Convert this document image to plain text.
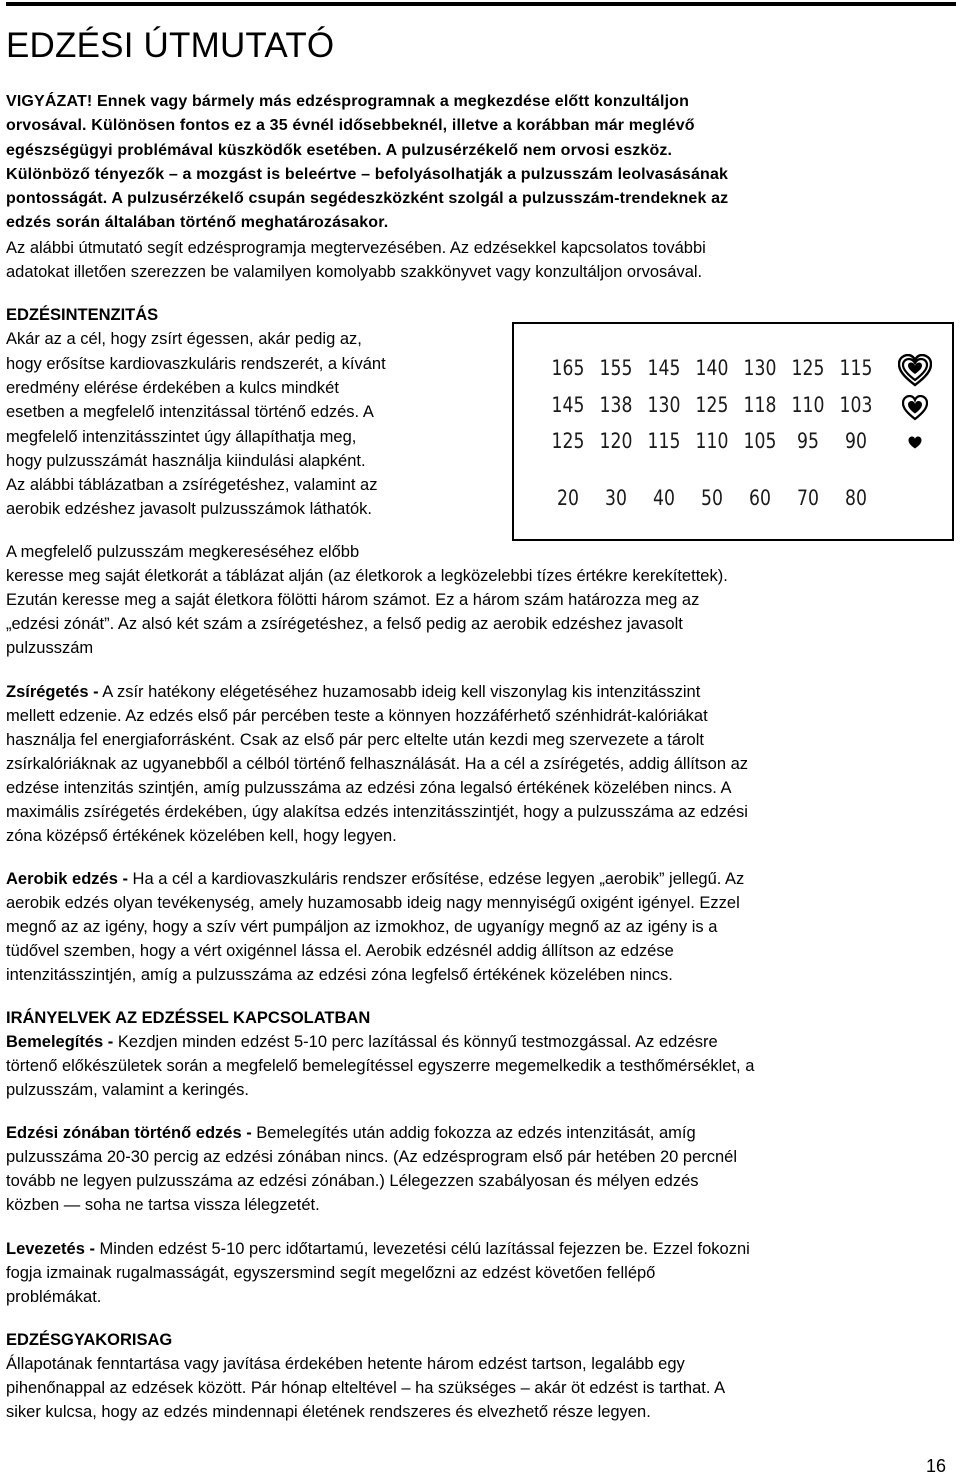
EDZÉSI ÚTMUTATÓ

VIGYÁZAT! Ennek vagy bármely más edzésprogramnak a megkezdése előtt konzultáljon

orvosával. Különösen fontos ez a 35 évnél idősebbeknél, illetve a korábban már meglévő

egészségügyi problémával küszködők esetében. A pulzusérzékelő nem orvosi eszköz.

Különböző tényezők – a mozgást is beleértve – befolyásolhatják a pulzusszám leolvasásának

pontosságát. A pulzusérzékelő csupán segédeszközként szolgál a pulzusszám-trendeknek az

edzés során általában történő meghatározásakor.

Az alábbi útmutató segít edzésprogramja megtervezésében. Az edzésekkel kapcsolatos további

adatokat illetően szerezzen be valamilyen komolyabb szakkönyvet vagy konzultáljon orvosával.

EDZÉSINTENZITÁS

Akár az a cél, hogy zsírt égessen, akár pedig az,

hogy erősítse kardiovaszkuláris rendszerét, a kívánt

eredmény elérése érdekében a kulcs mindkét

esetben a megfelelő intenzitással történő edzés. A

megfelelő intenzitásszintet úgy állapíthatja meg,

hogy pulzusszámát használja kiindulási alapként.

Az alábbi táblázatban a zsírégetéshez, valamint az

aerobik edzéshez javasolt pulzusszámok láthatók.

165 155 145 140 130 125 115
145 138 130 125 118 110 103
125 120 115 110 105 95	90
20	30	40	50	60	70	80

A megfelelő pulzusszám megkereséséhez előbb

keresse meg saját életkorát a táblázat alján (az életkorok a legközelebbi tízes értékre kerekítettek).

Ezután keresse meg a saját életkora fölötti három számot. Ez a három szám határozza meg az

„edzési zónát”. Az alsó két szám a zsírégetéshez, a felső pedig az aerobik edzéshez javasolt

pulzusszám

Zsírégetés - A zsír hatékony elégetéséhez huzamosabb ideig kell viszonylag kis intenzitásszint

mellett edzenie. Az edzés első pár percében teste a könnyen hozzáférhető szénhidrát-kalóriákat

használja fel energiaforrásként. Csak az első pár perc eltelte után kezdi meg szervezete a tárolt

zsírkalóriáknak az ugyanebből a célból történő felhasználását. Ha a cél a zsírégetés, addig állítson az

edzése intenzitás szintjén, amíg pulzusszáma az edzési zóna legalsó értékének közelében nincs. A

maximális zsírégetés érdekében, úgy alakítsa edzés intenzitásszintjét, hogy a pulzusszáma az edzési

zóna középső értékének közelében kell, hogy legyen.

Aerobik edzés - Ha a cél a kardiovaszkuláris rendszer erősítése, edzése legyen „aerobik” jellegű. Az

aerobik edzés olyan tevékenység, amely huzamosabb ideig nagy mennyiségű oxigént igényel. Ezzel

megnő az az igény, hogy a szív vért pumpáljon az izmokhoz, de ugyanígy megnő az az igény is a

tüdővel szemben, hogy a vért oxigénnel lássa el. Aerobik edzésnél addig állítson az edzése

intenzitásszintjén, amíg a pulzusszáma az edzési zóna legfelső értékének közelében nincs.

IRÁNYELVEK AZ EDZÉSSEL KAPCSOLATBAN

Bemelegítés - Kezdjen minden edzést 5-10 perc lazítással és könnyű testmozgással. Az edzésre

törtenő előkészületek során a megfelelő bemelegítéssel egyszerre megemelkedik a testhőmérséklet, a

pulzusszám, valamint a keringés.

Edzési zónában történő edzés - Bemelegítés után addig fokozza az edzés intenzitását, amíg

pulzusszáma 20-30 percig az edzési zónában nincs. (Az edzésprogram első pár hetében 20 percnél

tovább ne legyen pulzusszáma az edzési zónában.) Lélegezzen szabályosan és mélyen edzés

közben — soha ne tartsa vissza lélegzetét.

Levezetés - Minden edzést 5-10 perc időtartamú, levezetési célú lazítással fejezzen be. Ezzel fokozni

fogja izmainak rugalmasságát, egyszersmind segít megelőzni az edzést követően fellépő

problémákat.

EDZÉSGYAKORISAG

Állapotának fenntartása vagy javítása érdekében hetente három edzést tartson, legalább egy

pihenőnappal az edzések között. Pár hónap elteltével – ha szükséges – akár öt edzést is tarthat. A

siker kulcsa, hogy az edzés mindennapi életének rendszeres és elvezhető része legyen.

16
